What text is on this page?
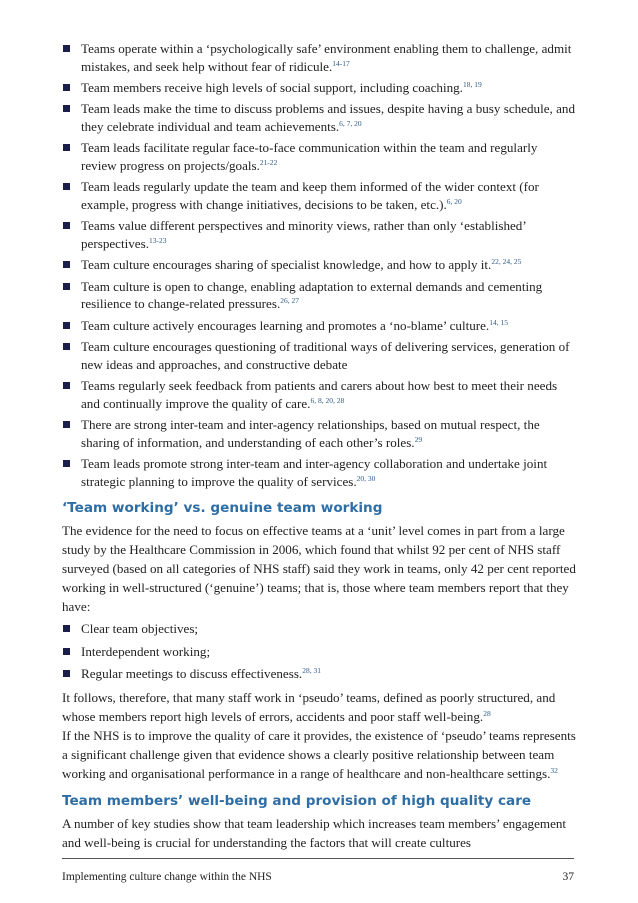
Teams operate within a ‘psychologically safe’ environment enabling them to challenge, admit mistakes, and seek help without fear of ridicule.$^{14-17}$
Team members receive high levels of social support, including coaching.$^{18, 19}$
Team leads make the time to discuss problems and issues, despite having a busy schedule, and they celebrate individual and team achievements.$^{6, 7, 20}$
Team leads facilitate regular face-to-face communication within the team and regularly review progress on projects/goals.$^{21-22}$
Team leads regularly update the team and keep them informed of the wider context (for example, progress with change initiatives, decisions to be taken, etc.).$^{6, 20}$
Teams value different perspectives and minority views, rather than only ‘established’ perspectives.$^{13-23}$
Team culture encourages sharing of specialist knowledge, and how to apply it.$^{22, 24, 25}$
Team culture is open to change, enabling adaptation to external demands and cementing resilience to change-related pressures.$^{26, 27}$
Team culture actively encourages learning and promotes a ‘no-blame’ culture.$^{14, 15}$
Team culture encourages questioning of traditional ways of delivering services, generation of new ideas and approaches, and constructive debate
Teams regularly seek feedback from patients and carers about how best to meet their needs and continually improve the quality of care.$^{6, 8, 20, 28}$
There are strong inter-team and inter-agency relationships, based on mutual respect, the sharing of information, and understanding of each other’s roles.$^{29}$
Team leads promote strong inter-team and inter-agency collaboration and undertake joint strategic planning to improve the quality of services.$^{20, 30}$
‘Team working’ vs. genuine team working

The evidence for the need to focus on effective teams at a ‘unit’ level comes in part from a large study by the Healthcare Commission in 2006, which found that whilst 92 per cent of NHS staff surveyed (based on all categories of NHS staff) said they work in teams, only 42 per cent reported working in well-structured (‘genuine’) teams; that is, those where team members report that they have:

Clear team objectives;
Interdependent working;
Regular meetings to discuss effectiveness.$^{28, 31}$

It follows, therefore, that many staff work in ‘pseudo’ teams, defined as poorly structured, and whose members report high levels of errors, accidents and poor staff well-being.$^{28}$

If the NHS is to improve the quality of care it provides, the existence of ‘pseudo’ teams represents a significant challenge given that evidence shows a clearly positive relationship between team working and organisational performance in a range of healthcare and non-healthcare settings.$^{32}$

Team members’ well-being and provision of high quality care

A number of key studies show that team leadership which increases team members’ engagement and well-being is crucial for understanding the factors that will create cultures

Implementing culture change within the NHS	37
